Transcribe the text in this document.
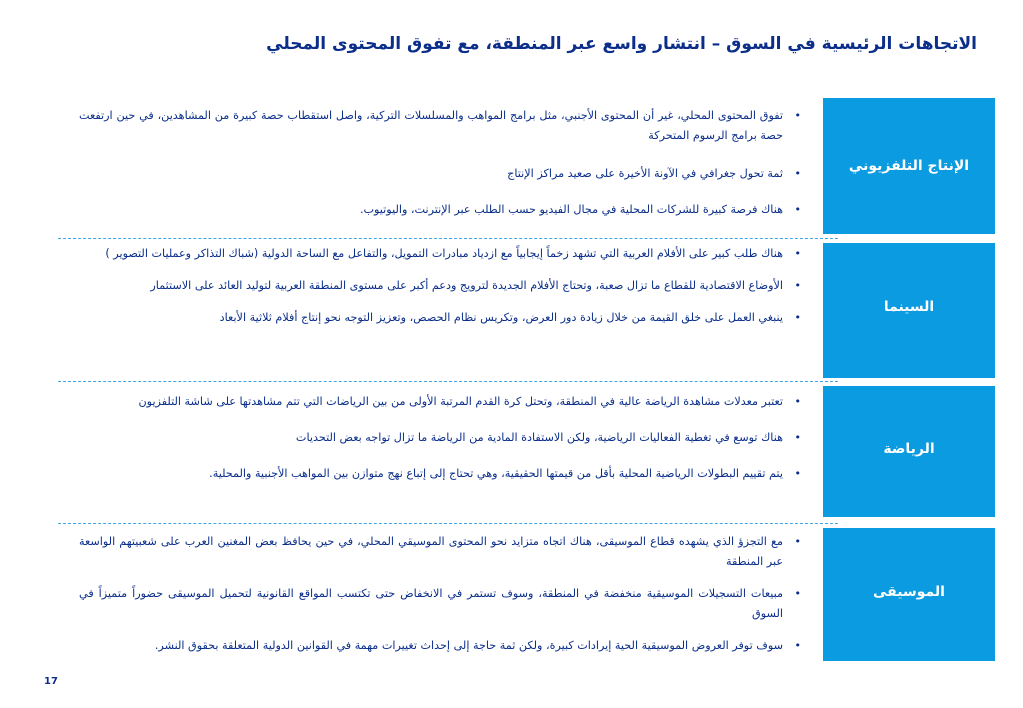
الاتجاهات الرئيسية في السوق – انتشار واسع عبر المنطقة، مع تفوق المحتوى المحلي
الإنتاج التلفزيوني
•
تفوق المحتوى المحلي، غير أن المحتوى الأجنبي، مثل برامج المواهب والمسلسلات التركية، واصل استقطاب حصة كبيرة من المشاهدين، في حين ارتفعت حصة برامج الرسوم المتحركة
•
ثمة تحول جغرافي في الآونة الأخيرة على صعيد مراكز الإنتاج
•
هناك فرصة كبيرة للشركات المحلية في مجال الفيديو حسب الطلب عبر الإنترنت، واليوتيوب.
السينما
•
هناك طلب كبير على الأفلام العربية التي تشهد زخماً إيجابياً مع ازدياد مبادرات التمويل، والتفاعل مع الساحة الدولية (شباك التذاكر وعمليات التصوير )
•
الأوضاع الاقتصادية للقطاع ما تزال صعبة، وتحتاج الأفلام الجديدة لترويج ودعم أكبر على مستوى المنطقة العربية لتوليد العائد على الاستثمار
•
ينبغي العمل على خلق القيمة من خلال زيادة دور العرض، وتكريس نظام الحصص، وتعزيز التوجه نحو إنتاج أفلام ثلاثية الأبعاد
الرياضة
•
تعتبر معدلات مشاهدة الرياضة عالية في المنطقة، وتحتل كرة القدم المرتبة الأولى من بين الرياضات التي تتم مشاهدتها على شاشة التلفزيون
•
هناك توسع في تغطية الفعاليات الرياضية، ولكن الاستفادة المادية من الرياضة ما تزال تواجه بعض التحديات
•
يتم تقييم البطولات الرياضية المحلية بأقل من قيمتها الحقيقية، وهي تحتاج إلى إتباع نهج متوازن بين المواهب الأجنبية والمحلية.
الموسيقى
•
مع التجزؤ الذي يشهده قطاع الموسيقى، هناك اتجاه متزايد نحو المحتوى الموسيقي المحلي، في حين يحافظ بعض المغنين العرب على شعبيتهم الواسعة عبر المنطقة
•
مبيعات التسجيلات الموسيقية منخفضة في المنطقة، وسوف تستمر في الانخفاض حتى تكتسب المواقع القانونية لتحميل الموسيقى حضوراً متميزاً في السوق
•
سوف توفر العروض الموسيقية الحية إيرادات كبيرة، ولكن ثمة حاجة إلى إحداث تغييرات مهمة في القوانين الدولية المتعلقة بحقوق النشر.
17
